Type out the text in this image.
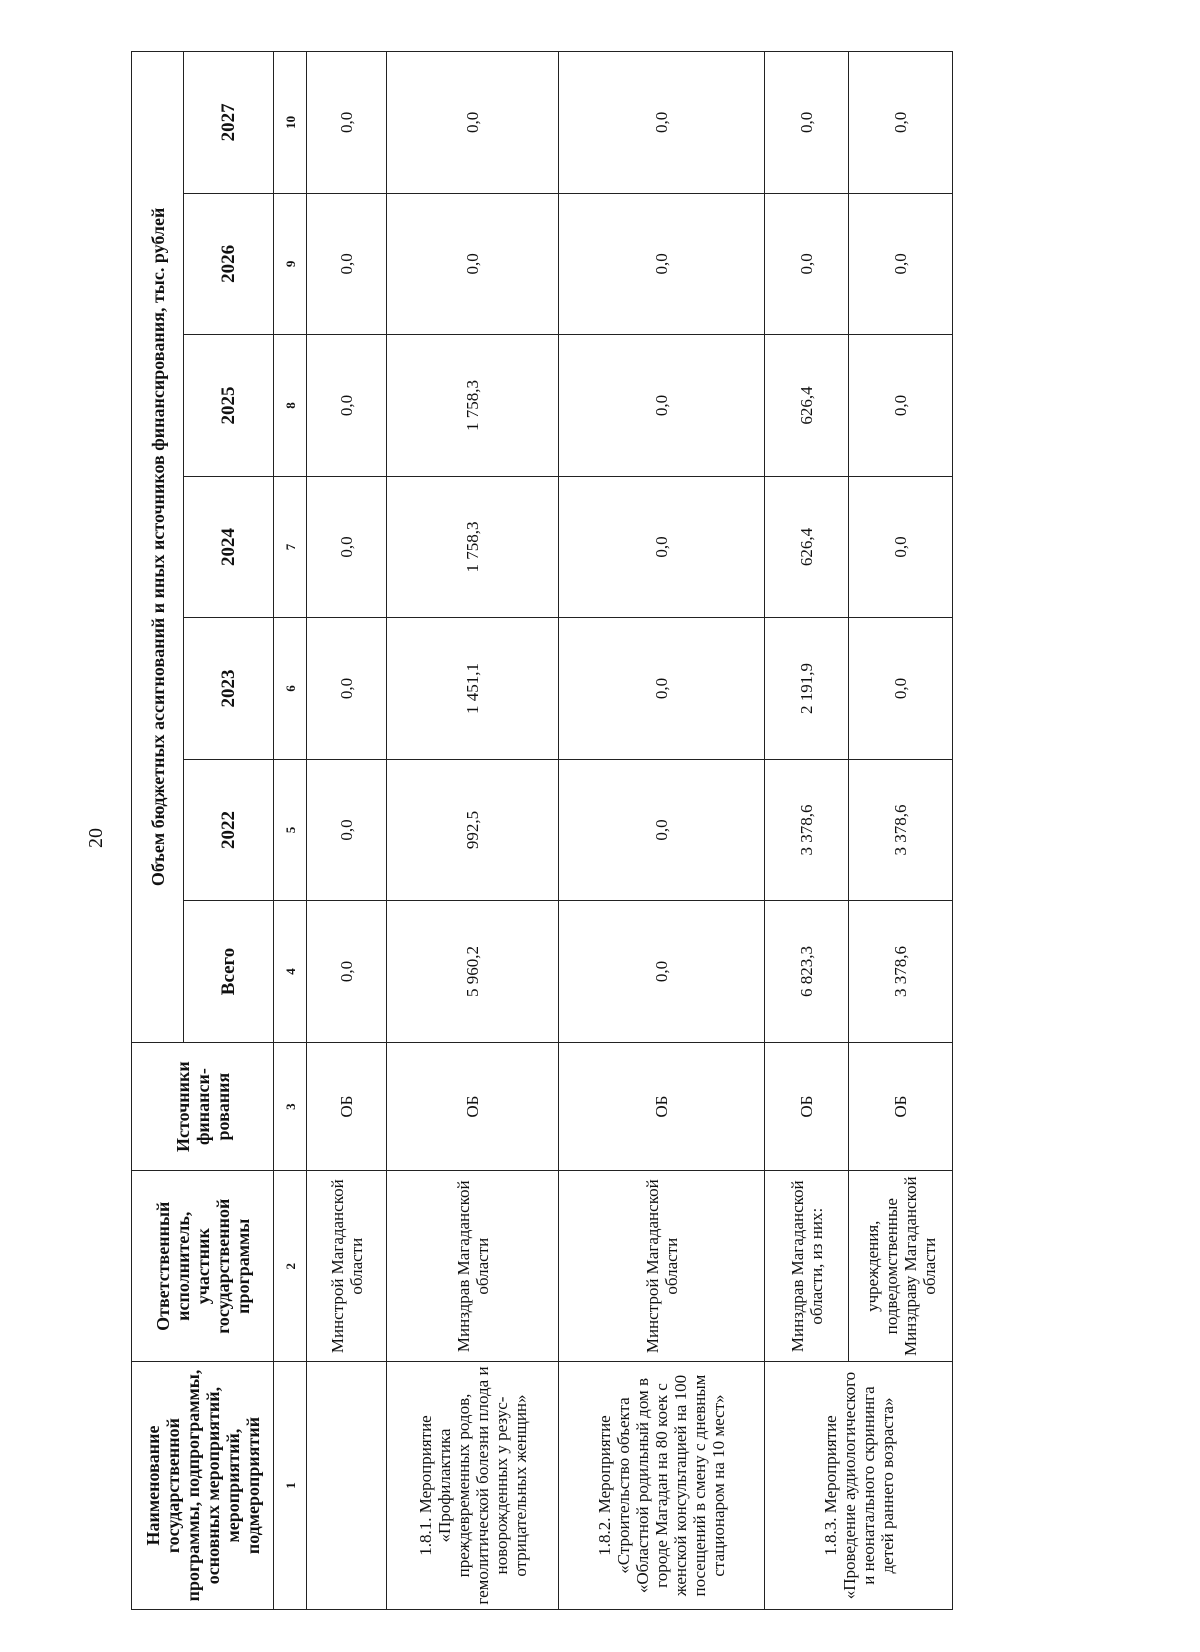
20
Наименование государственной программы, подпрограммы, основных мероприятий, мероприятий, подмероприятий	Ответственный исполнитель, участник государственной программы	Источники финанси-рования	Объем бюджетных ассигнований и иных источников финансирования, тыс. рублей						
			Всего	2022	2023	2024	2025	2026	2027
1	2	3	4	5	6	7	8	9	10
	Минстрой Магаданской области	ОБ	0,0	0,0	0,0	0,0	0,0	0,0	0,0
1.8.1. Мероприятие «Профилактика преждевременных родов, гемолитической болезни плода и новорожденных у резус-отрицательных женщин»	Минздрав Магаданской области	ОБ	5 960,2	992,5	1 451,1	1 758,3	1 758,3	0,0	0,0
1.8.2. Мероприятие «Строительство объекта «Областной родильный дом в городе Магадан на 80 коек с женской консультацией на 100 посещений в смену с дневным стационаром на 10 мест»	Минстрой Магаданской области	ОБ	0,0	0,0	0,0	0,0	0,0	0,0	0,0
1.8.3. Мероприятие «Проведение аудиологического и неонатального скрининга детей раннего возраста»	Минздрав Магаданской области, из них:	ОБ	6 823,3	3 378,6	2 191,9	626,4	626,4	0,0	0,0
	учреждения, подведомственные Минздраву Магаданской области	ОБ	3 378,6	3 378,6	0,0	0,0	0,0	0,0	0,0
